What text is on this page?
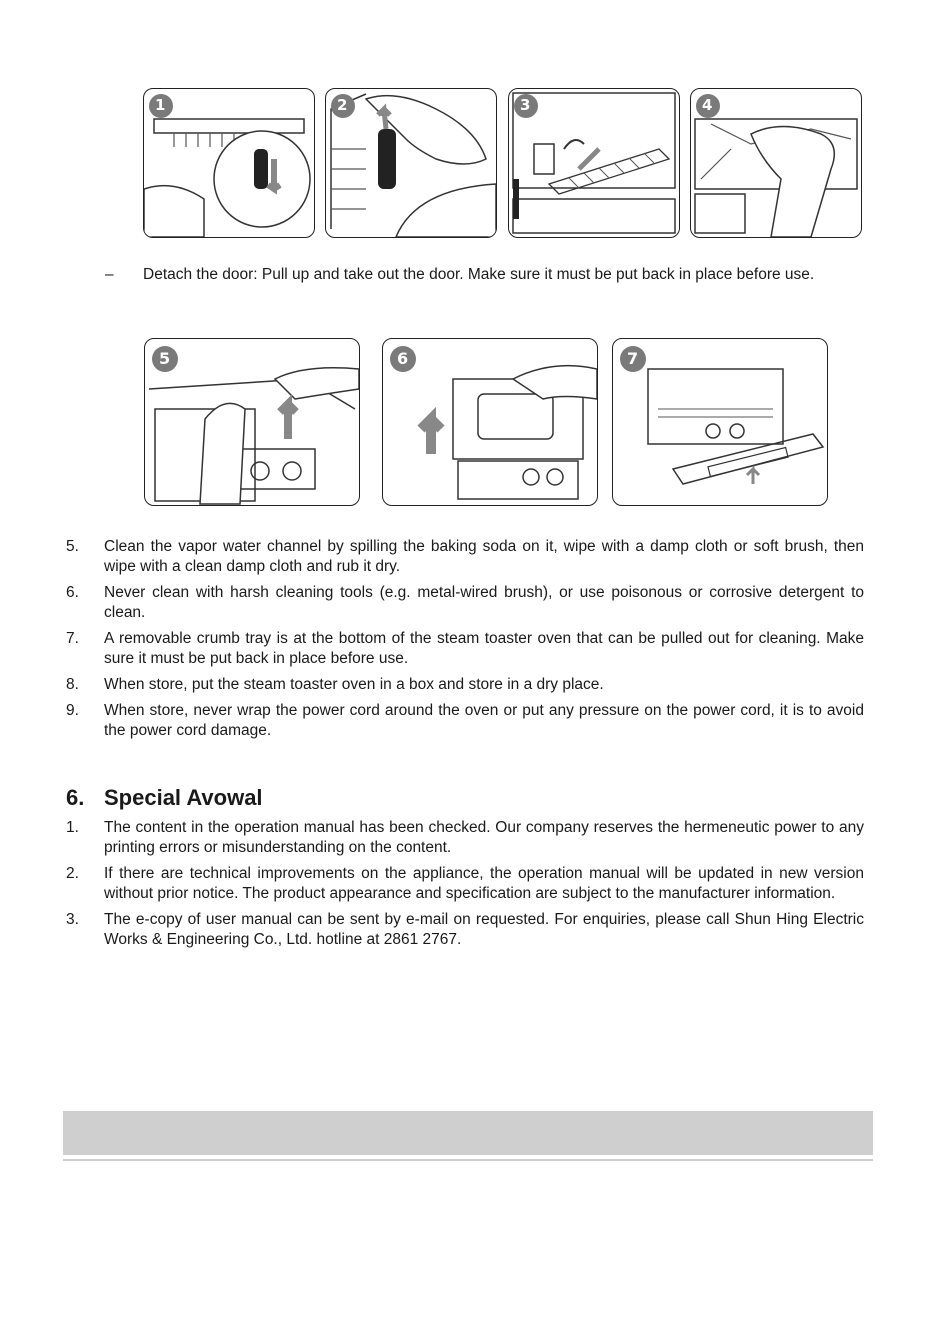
1	2	3	4
– Detach the door: Pull up and take out the door. Make sure it must be put back in place before use.
5	6	7
5. Clean the vapor water channel by spilling the baking soda on it, wipe with a damp cloth or soft brush, then wipe with a clean damp cloth and rub it dry.
6. Never clean with harsh cleaning tools (e.g. metal-wired brush), or use poisonous or corrosive detergent to clean.
7. A removable crumb tray is at the bottom of the steam toaster oven that can be pulled out for cleaning. Make sure it must be put back in place before use.
8. When store, put the steam toaster oven in a box and store in a dry place.
9. When store, never wrap the power cord around the oven or put any pressure on the power cord, it is to avoid the power cord damage.
6. Special Avowal
1. The content in the operation manual has been checked. Our company reserves the hermeneutic power to any printing errors or misunderstanding on the content.
2. If there are technical improvements on the appliance, the operation manual will be updated in new version without prior notice. The product appearance and specification are subject to the manufacturer information.
3. The e-copy of user manual can be sent by e-mail on requested. For enquiries, please call Shun Hing Electric Works & Engineering Co., Ltd. hotline at 2861 2767.
